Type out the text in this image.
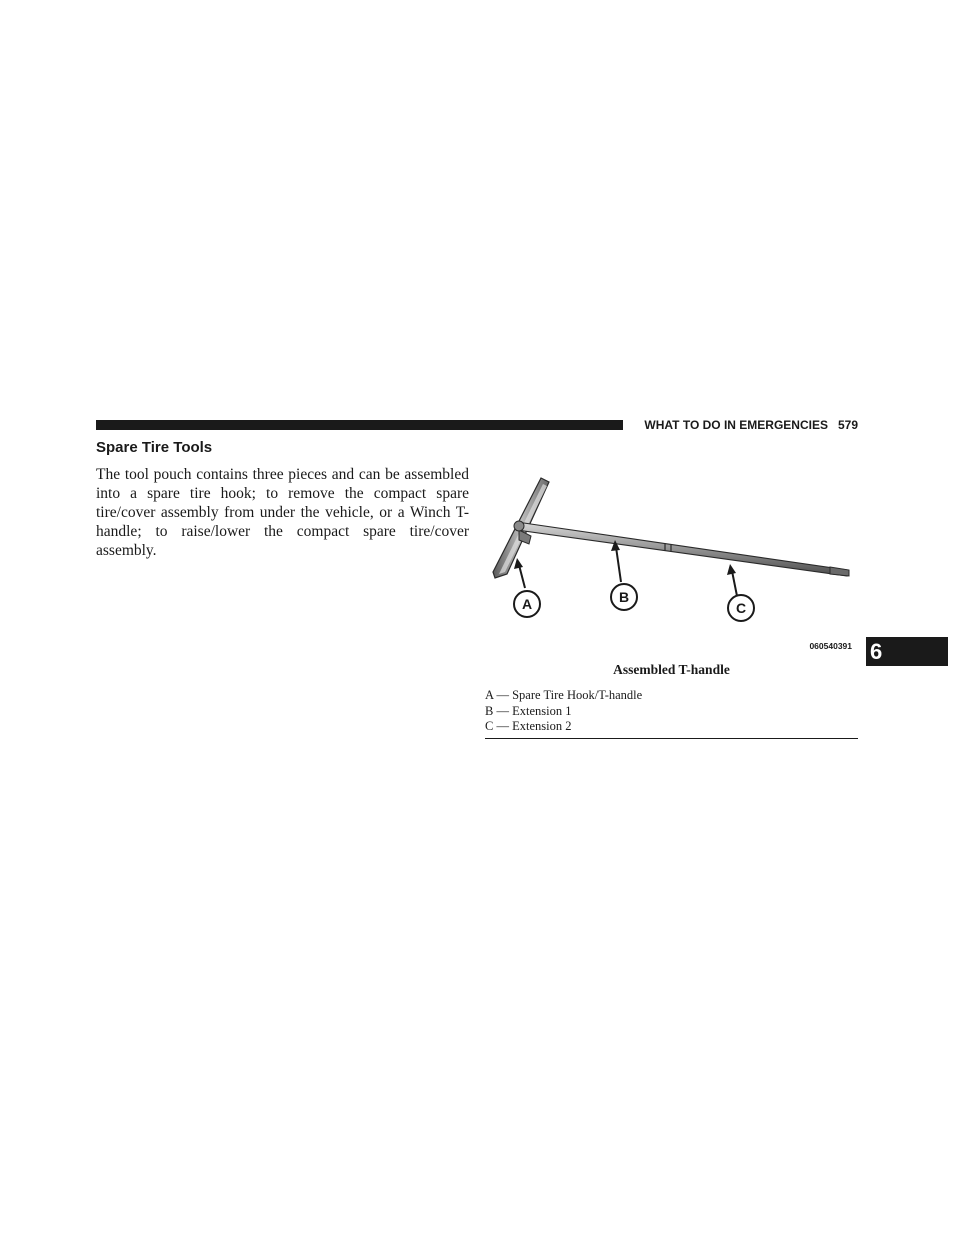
WHAT TO DO IN EMERGENCIES 579
Spare Tire Tools

The tool pouch contains three pieces and can be assembled into a spare tire hook; to remove the compact spare tire/cover assembly from under the vehicle, or a Winch T-handle; to raise/lower the compact spare tire/cover assembly.

A	B
C
060540391
Assembled T-handle
A — Spare Tire Hook/T-handle
B — Extension 1
C — Extension 2
6
